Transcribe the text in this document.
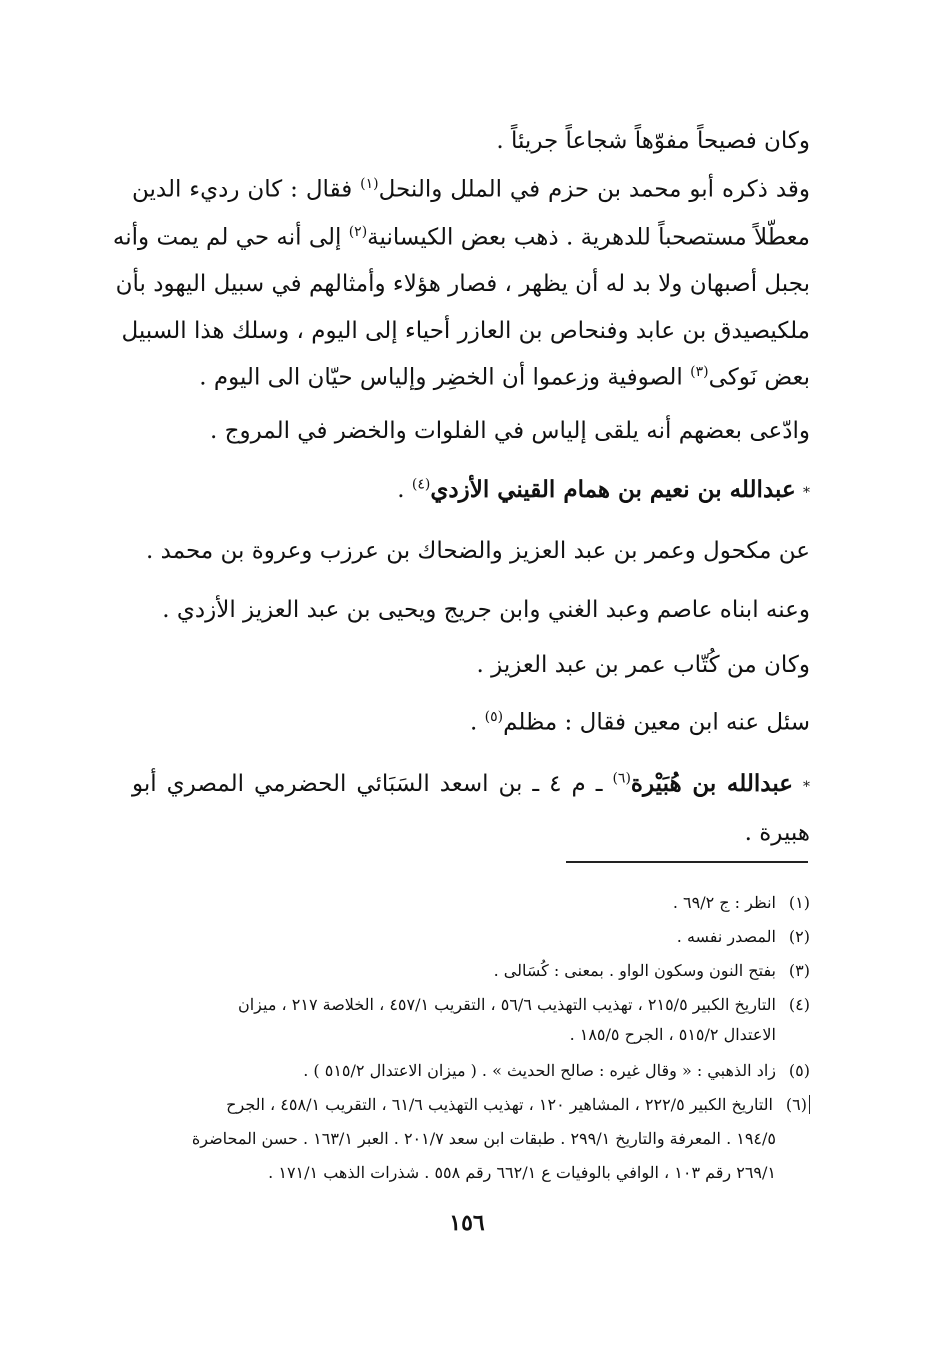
وكان فصيحاً مفوّهاً شجاعاً جريئاً .
وقد ذكره أبو محمد بن حزم في الملل والنحل$^{(١)}$ فقال : كان رديء الدين
معطّلاً مستصحباً للدهرية . ذهب بعض الكيسانية$^{(٢)}$ إلى أنه حي لم يمت وأنه
بجبل أصبهان ولا بد له أن يظهر ، فصار هؤلاء وأمثالهم في سبيل اليهود بأن
ملكيصيدق بن عابد وفنحاص بن العازر أحياء إلى اليوم ، وسلك هذا السبيل
بعض نَوكى$^{(٣)}$ الصوفية وزعموا أن الخضِر وإلياس حيّان الى اليوم .
وادّعى بعضهم أنه يلقى إلياس في الفلوات والخضر في المروج .
* عبدالله بن نعيم بن همام القيني الأزدي$^{(٤)}$ .
عن مكحول وعمر بن عبد العزيز والضحاك بن عرزب وعروة بن محمد .
وعنه ابناه عاصم وعبد الغني وابن جريج ويحيى بن عبد العزيز الأزدي .
وكان من كُتّاب عمر بن عبد العزيز .
سئل عنه ابن معين فقال : مظلم$^{(٥)}$ .
* عبدالله بن هُبَيْرة$^{(٦)}$ ـ م ٤ ـ بن اسعد السَبَائي الحضرمي المصري أبو
هبيرة .
(١)انظر : ج ٦٩/٢ .
(٢)المصدر نفسه .
(٣)بفتح النون وسكون الواو . بمعنى : كُسَالى .
(٤)التاريخ الكبير ٢١٥/٥ ، تهذيب التهذيب ٥٦/٦ ، التقريب ٤٥٧/١ ، الخلاصة ٢١٧ ، ميزان
الاعتدال ٥١٥/٢ ، الجرح ١٨٥/٥ .
(٥)زاد الذهبي : « وقال غيره : صالح الحديث » . ( ميزان الاعتدال ٥١٥/٢ ) .
(٦)التاريخ الكبير ٢٢٢/٥ ، المشاهير ١٢٠ ، تهذيب التهذيب ٦١/٦ ، التقريب ٤٥٨/١ ، الجرح
١٩٤/٥ . المعرفة والتاريخ ٢٩٩/١ . طبقات ابن سعد ٢٠١/٧ . العبر ١٦٣/١ . حسن المحاضرة
٢٦٩/١ رقم ١٠٣ ، الوافي بالوفيات ع ٦٦٢/١ رقم ٥٥٨ . شذرات الذهب ١٧١/١ .
١٥٦
